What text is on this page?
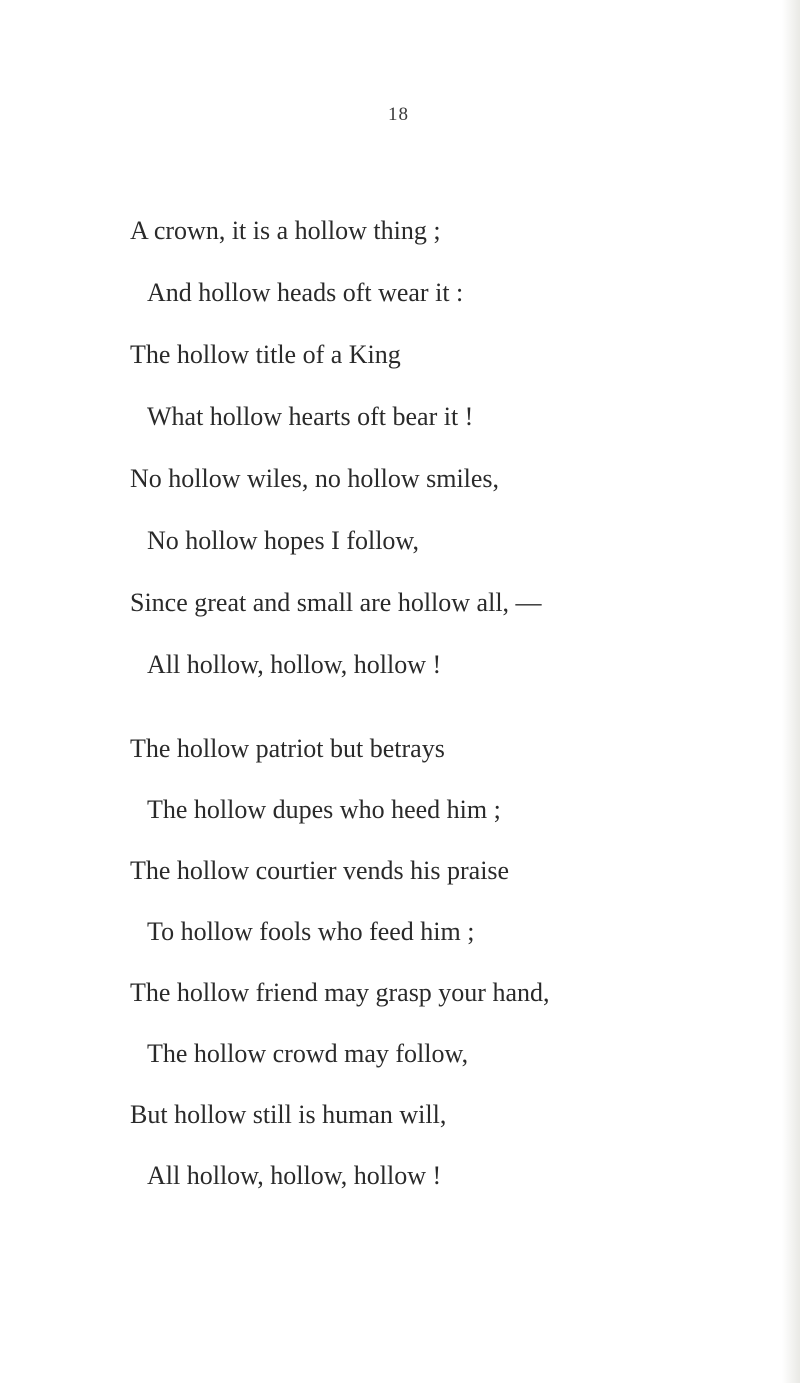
18
A crown, it is a hollow thing ;
And hollow heads oft wear it :
The hollow title of a King
What hollow hearts oft bear it !
No hollow wiles, no hollow smiles,
No hollow hopes I follow,
Since great and small are hollow all, —
All hollow, hollow, hollow !
The hollow patriot but betrays
The hollow dupes who heed him ;
The hollow courtier vends his praise
To hollow fools who feed him ;
The hollow friend may grasp your hand,
The hollow crowd may follow,
But hollow still is human will,
All hollow, hollow, hollow !
